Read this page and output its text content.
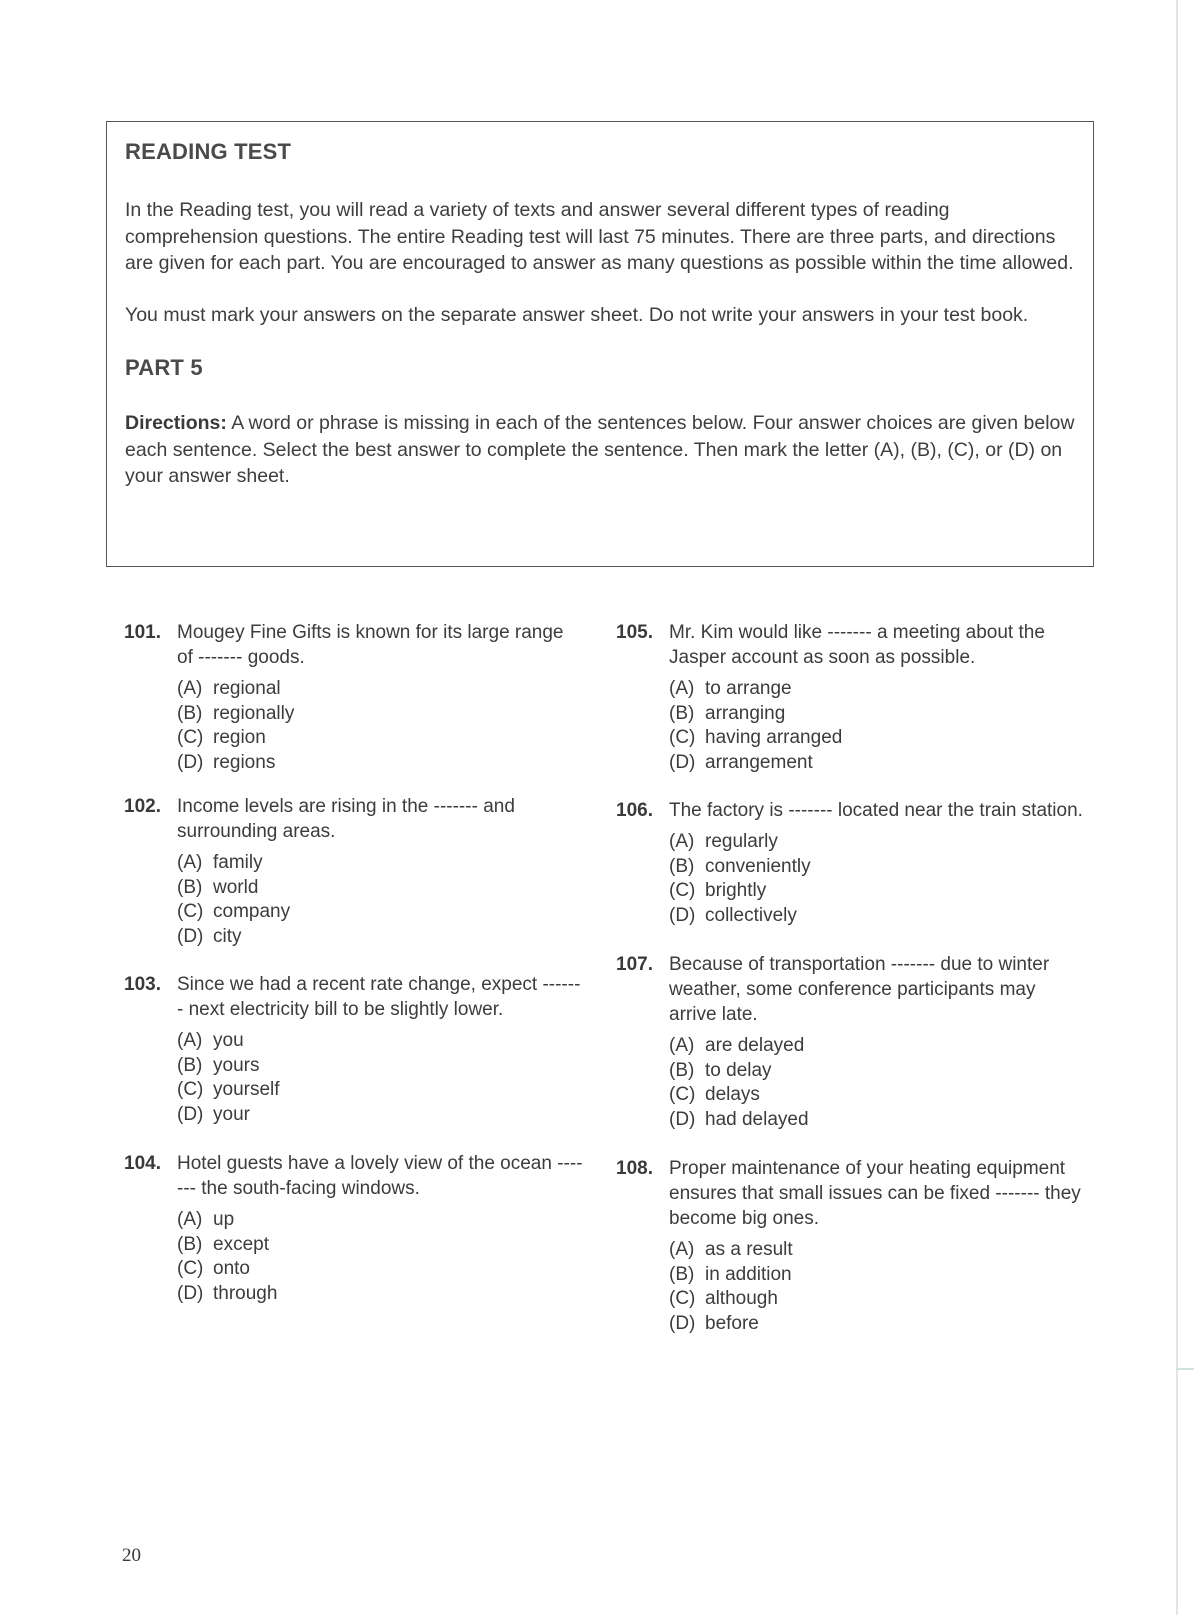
READING TEST

In the Reading test, you will read a variety of texts and answer several different types of reading comprehension questions. The entire Reading test will last 75 minutes. There are three parts, and directions are given for each part. You are encouraged to answer as many questions as possible within the time allowed.

You must mark your answers on the separate answer sheet. Do not write your answers in your test book.

PART 5

Directions: A word or phrase is missing in each of the sentences below. Four answer choices are given below each sentence. Select the best answer to complete the sentence. Then mark the letter (A), (B), (C), or (D) on your answer sheet.

101. Mougey Fine Gifts is known for its large range of ------- goods.

(A) regional
(B) regionally
(C) region
(D) regions
102. Income levels are rising in the ------- and surrounding areas.

(A) family
(B) world
(C) company
(D) city
103. Since we had a recent rate change, expect ------- next electricity bill to be slightly lower.

(A) you
(B) yours
(C) yourself
(D) your
104. Hotel guests have a lovely view of the ocean ------- the south-facing windows.

(A) up
(B) except
(C) onto
(D) through
105. Mr. Kim would like ------- a meeting about the Jasper account as soon as possible.

(A) to arrange
(B) arranging
(C) having arranged
(D) arrangement
106. The factory is ------- located near the train station.

(A) regularly
(B) conveniently
(C) brightly
(D) collectively
107. Because of transportation ------- due to winter weather, some conference participants may arrive late.

(A) are delayed
(B) to delay
(C) delays
(D) had delayed
108. Proper maintenance of your heating equipment ensures that small issues can be fixed ------- they become big ones.

(A) as a result
(B) in addition
(C) although
(D) before
20
